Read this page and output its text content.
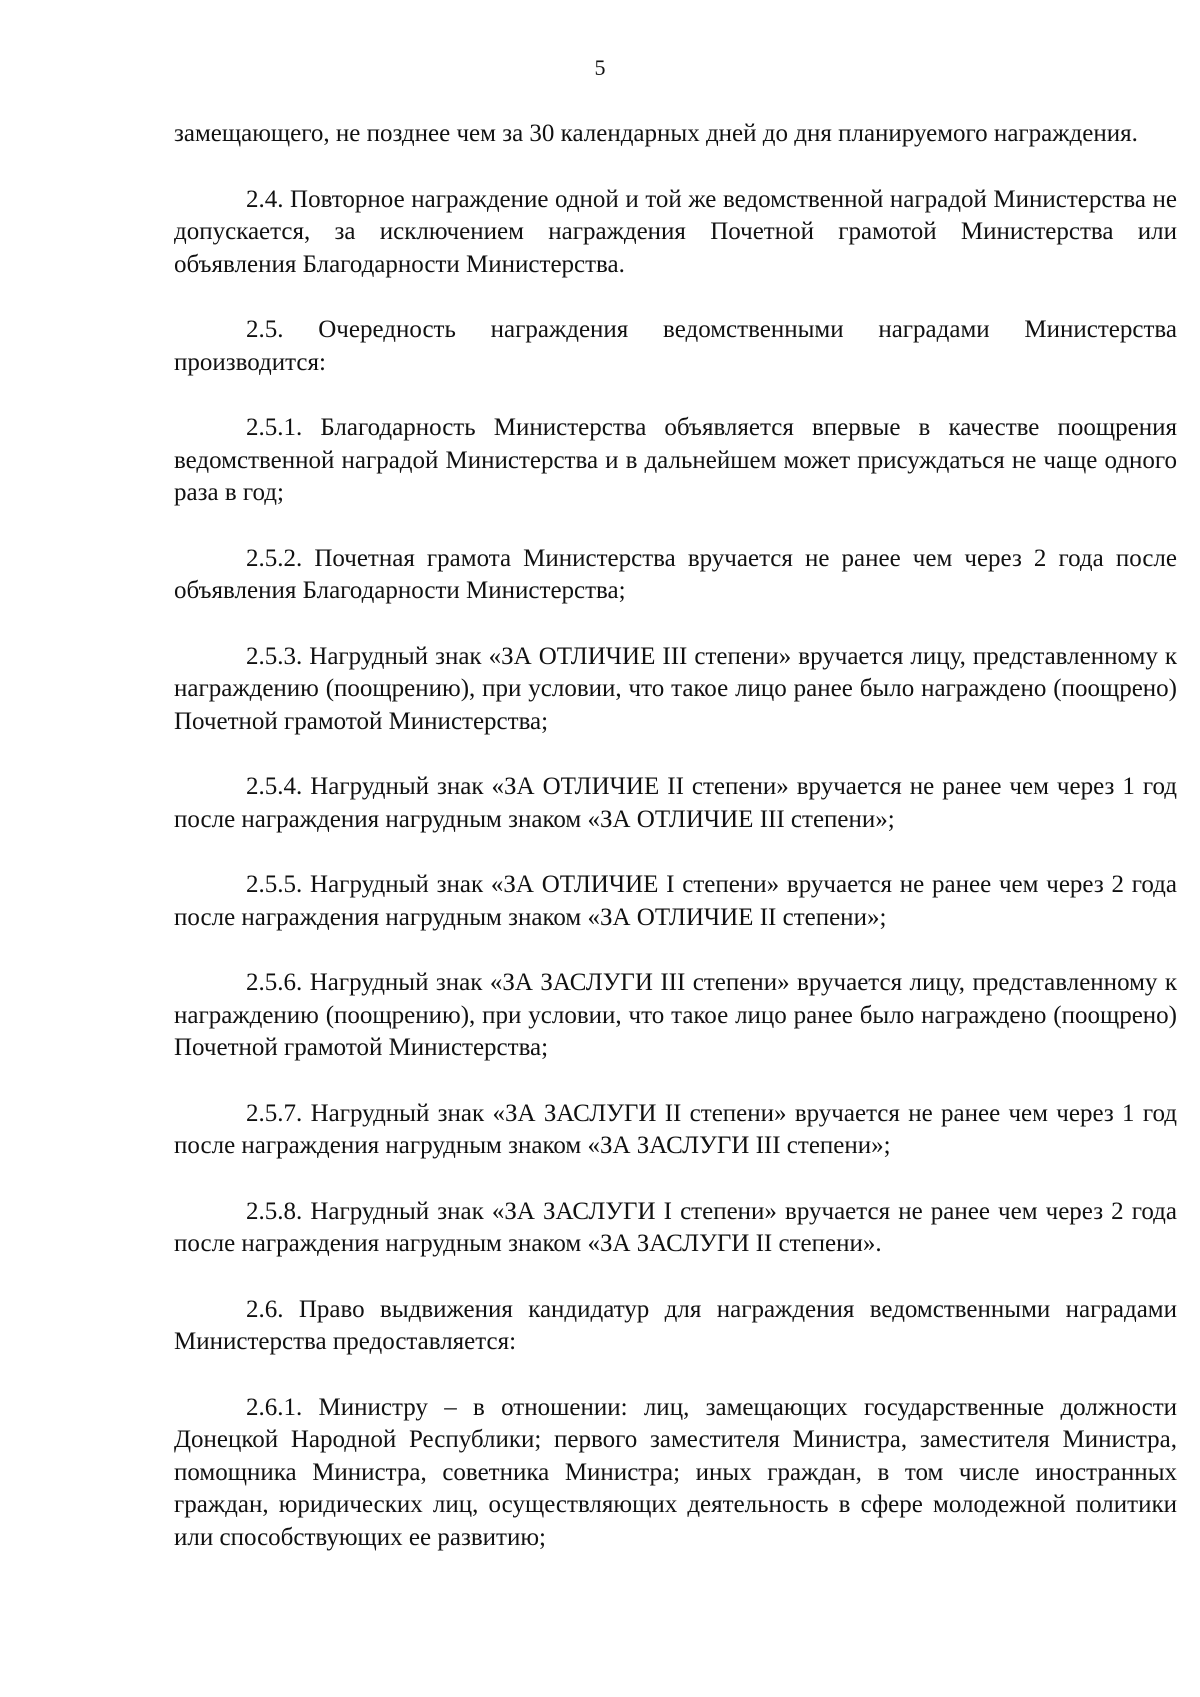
5

замещающего, не позднее чем за 30 календарных дней до дня планируемого награждения.

2.4. Повторное награждение одной и той же ведомственной наградой Министерства не допускается, за исключением награждения Почетной грамотой Министерства или объявления Благодарности Министерства.

2.5. Очередность награждения ведомственными наградами Министерства производится:

2.5.1. Благодарность Министерства объявляется впервые в качестве поощрения ведомственной наградой Министерства и в дальнейшем может присуждаться не чаще одного раза в год;

2.5.2. Почетная грамота Министерства вручается не ранее чем через 2 года после объявления Благодарности Министерства;

2.5.3. Нагрудный знак «ЗА ОТЛИЧИЕ III степени» вручается лицу, представленному к награждению (поощрению), при условии, что такое лицо ранее было награждено (поощрено) Почетной грамотой Министерства;

2.5.4. Нагрудный знак «ЗА ОТЛИЧИЕ II степени» вручается не ранее чем через 1 год после награждения нагрудным знаком «ЗА ОТЛИЧИЕ III степени»;

2.5.5. Нагрудный знак «ЗА ОТЛИЧИЕ I степени» вручается не ранее чем через 2 года после награждения нагрудным знаком «ЗА ОТЛИЧИЕ II степени»;

2.5.6. Нагрудный знак «ЗА ЗАСЛУГИ III степени» вручается лицу, представленному к награждению (поощрению), при условии, что такое лицо ранее было награждено (поощрено) Почетной грамотой Министерства;

2.5.7. Нагрудный знак «ЗА ЗАСЛУГИ II степени» вручается не ранее чем через 1 год после награждения нагрудным знаком «ЗА ЗАСЛУГИ III степени»;

2.5.8. Нагрудный знак «ЗА ЗАСЛУГИ I степени» вручается не ранее чем через 2 года после награждения нагрудным знаком «ЗА ЗАСЛУГИ II степени».

2.6. Право выдвижения кандидатур для награждения ведомственными наградами Министерства предоставляется:

2.6.1. Министру – в отношении: лиц, замещающих государственные должности Донецкой Народной Республики; первого заместителя Министра, заместителя Министра, помощника Министра, советника Министра; иных граждан, в том числе иностранных граждан, юридических лиц, осуществляющих деятельность в сфере молодежной политики или способствующих ее развитию;
